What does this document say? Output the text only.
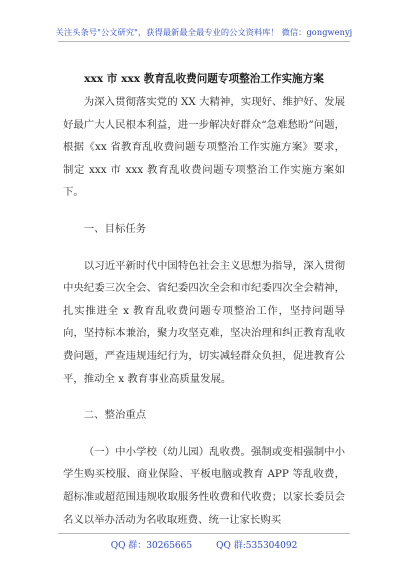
关注头条号"公文研究"，获得最新最全最专业的公文资料库！ 微信：gongwenyj
xxx 市 xxx 教育乱收费问题专项整治工作实施方案

为深入贯彻落实党的 XX 大精神，实现好、维护好、发展好最广大人民根本利益，进一步解决好群众“急难愁盼”问题，根据《xx 省教育乱收费问题专项整治工作实施方案》要求，制定 xxx 市 xxx 教育乱收费问题专项整治工作实施方案如下。

一、目标任务

以习近平新时代中国特色社会主义思想为指导，深入贯彻中央纪委三次全会、省纪委四次全会和市纪委四次全会精神，扎实推进全 x 教育乱收费问题专项整治工作，坚持问题导向，坚持标本兼治，聚力攻坚克难，坚决治理和纠正教育乱收费问题，严查违规违纪行为，切实减轻群众负担，促进教育公平，推动全 x 教育事业高质量发展。

二、整治重点

（一）中小学校（幼儿园）乱收费。强制或变相强制中小学生购买校服、商业保险、平板电脑或教育 APP 等乱收费，超标准或超范围违规收取服务性收费和代收费；以家长委员会名义以举办活动为名收取班费、统一让家长购买

QQ 群：30265665	QQ 群:535304092
